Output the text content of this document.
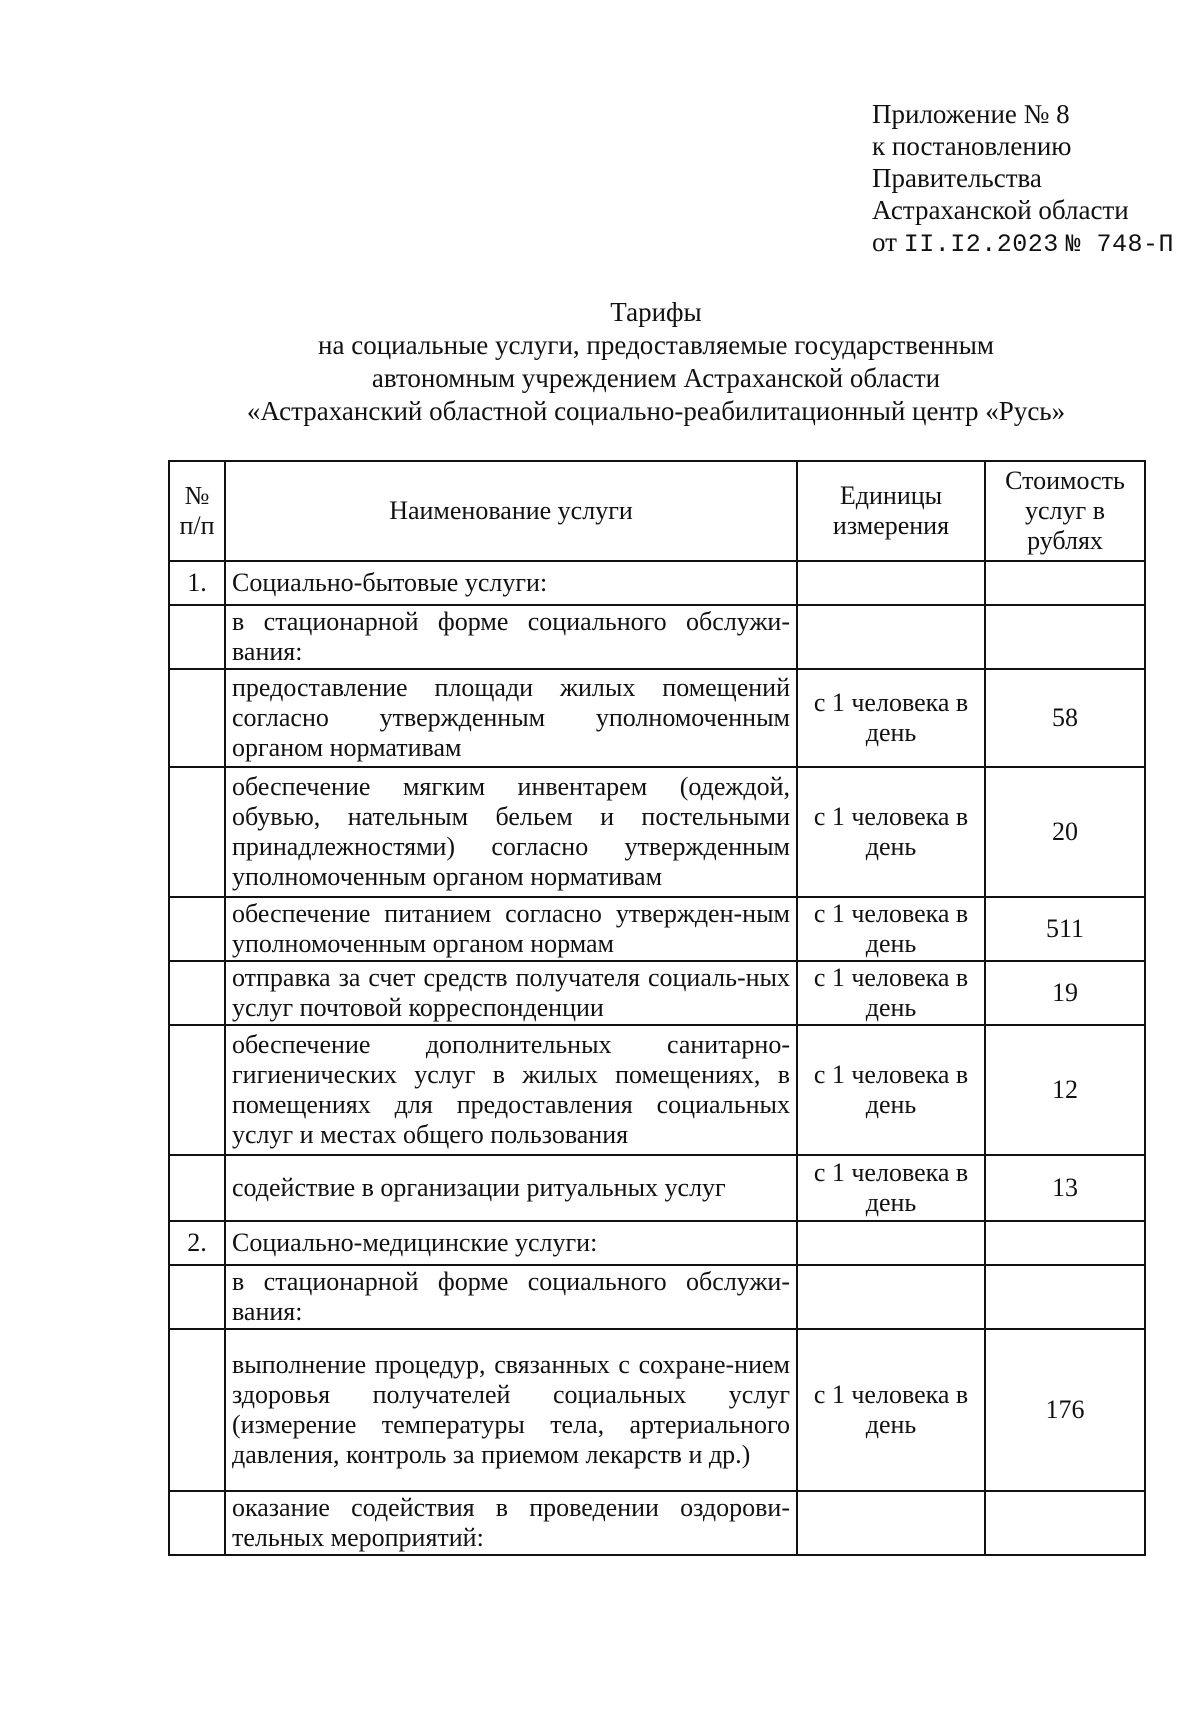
Приложение № 8
к постановлению
Правительства
Астраханской области
от II.I2.2023 № 748-П
Тарифы
на социальные услуги, предоставляемые государственным
автономным учреждением Астраханской области
«Астраханский областной социально-реабилитационный центр «Русь»
№ п/п	Наименование услуги	Единицы измерения	Стоимость услуг в рублях
1.	Социально-бытовые услуги:		
	в стационарной форме социального обслужи-вания:		
	предоставление площади жилых помещений согласно утвержденным уполномоченным органом нормативам	с 1 человека в день	58
	обеспечение мягким инвентарем (одеждой, обувью, нательным бельем и постельными принадлежностями) согласно утвержденным уполномоченным органом нормативам	с 1 человека в день	20
	обеспечение питанием согласно утвержден-ным уполномоченным органом нормам	с 1 человека в день	511
	отправка за счет средств получателя социаль-ных услуг почтовой корреспонденции	с 1 человека в день	19
	обеспечение дополнительных санитарно-гигиенических услуг в жилых помещениях, в помещениях для предоставления социальных услуг и местах общего пользования	с 1 человека в день	12
	содействие в организации ритуальных услуг	с 1 человека в день	13
2.	Социально-медицинские услуги:		
	в стационарной форме социального обслужи-вания:		
	выполнение процедур, связанных с сохране-нием здоровья получателей социальных услуг (измерение температуры тела, артериального давления, контроль за приемом лекарств и др.)	с 1 человека в день	176
	оказание содействия в проведении оздорови-тельных мероприятий:		
